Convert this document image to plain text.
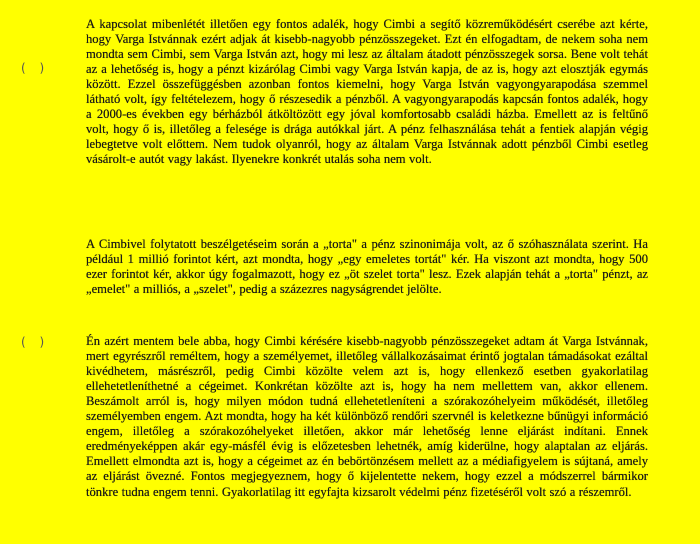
( )
( )

A kapcsolat mibenlétét illetően egy fontos adalék, hogy Cimbi a segítő közreműködésért cserébe azt kérte, hogy Varga Istvánnak ezért adjak át kisebb-nagyobb pénzösszegeket. Ezt én elfogadtam, de nekem soha nem mondta sem Cimbi, sem Varga István azt, hogy mi lesz az általam átadott pénzösszegek sorsa. Bene volt tehát az a lehetőség is, hogy a pénzt kizárólag Cimbi vagy Varga István kapja, de az is, hogy azt elosztják egymás között. Ezzel összefüggésben azonban fontos kiemelni, hogy Varga István vagyongyarapodása szemmel látható volt, így feltételezem, hogy ő részesedik a pénzből. A vagyongyarapodás kapcsán fontos adalék, hogy a 2000-es években egy bérházból átköltözött egy jóval komfortosabb családi házba. Emellett az is feltűnő volt, hogy ő is, illetőleg a felesége is drága autókkal járt. A pénz felhasználása tehát a fentiek alapján végig lebegtetve volt előttem. Nem tudok olyanról, hogy az általam Varga Istvánnak adott pénzből Cimbi esetleg vásárolt-e autót vagy lakást. Ilyenekre konkrét utalás soha nem volt.

A Cimbivel folytatott beszélgetéseim során a „torta" a pénz szinonimája volt, az ő szóhasználata szerint. Ha például 1 millió forintot kért, azt mondta, hogy „egy emeletes tortát" kér. Ha viszont azt mondta, hogy 500 ezer forintot kér, akkor úgy fogalmazott, hogy ez „öt szelet torta" lesz. Ezek alapján tehát a „torta" pénzt, az „emelet" a milliós, a „szelet", pedig a százezres nagyságrendet jelölte.

Én azért mentem bele abba, hogy Cimbi kérésére kisebb-nagyobb pénzösszegeket adtam át Varga Istvánnak, mert egyrészről reméltem, hogy a személyemet, illetőleg vállalkozásaimat érintő jogtalan támadásokat ezáltal kivédhetem, másrészről, pedig Cimbi közölte velem azt is, hogy ellenkező esetben gyakorlatilag ellehetetleníthetné a cégeimet. Konkrétan közölte azt is, hogy ha nem mellettem van, akkor ellenem. Beszámolt arról is, hogy milyen módon tudná ellehetetleníteni a szórakozóhelyeim működését, illetőleg személyemben engem. Azt mondta, hogy ha két különböző rendőri szervnél is keletkezne bűnügyi információ engem, illetőleg a szórakozóhelyeket illetően, akkor már lehetőség lenne eljárást indítani. Ennek eredményeképpen akár egy-másfél évig is előzetesben lehetnék, amíg kiderülne, hogy alaptalan az eljárás. Emellett elmondta azt is, hogy a cégeimet az én bebörtönzésem mellett az a médiafigyelem is sújtaná, amely az eljárást övezné. Fontos megjegyeznem, hogy ő kijelentette nekem, hogy ezzel a módszerrel bármikor tönkre tudna engem tenni. Gyakorlatilag itt egyfajta kizsarolt védelmi pénz fizetéséről volt szó a részemről.
